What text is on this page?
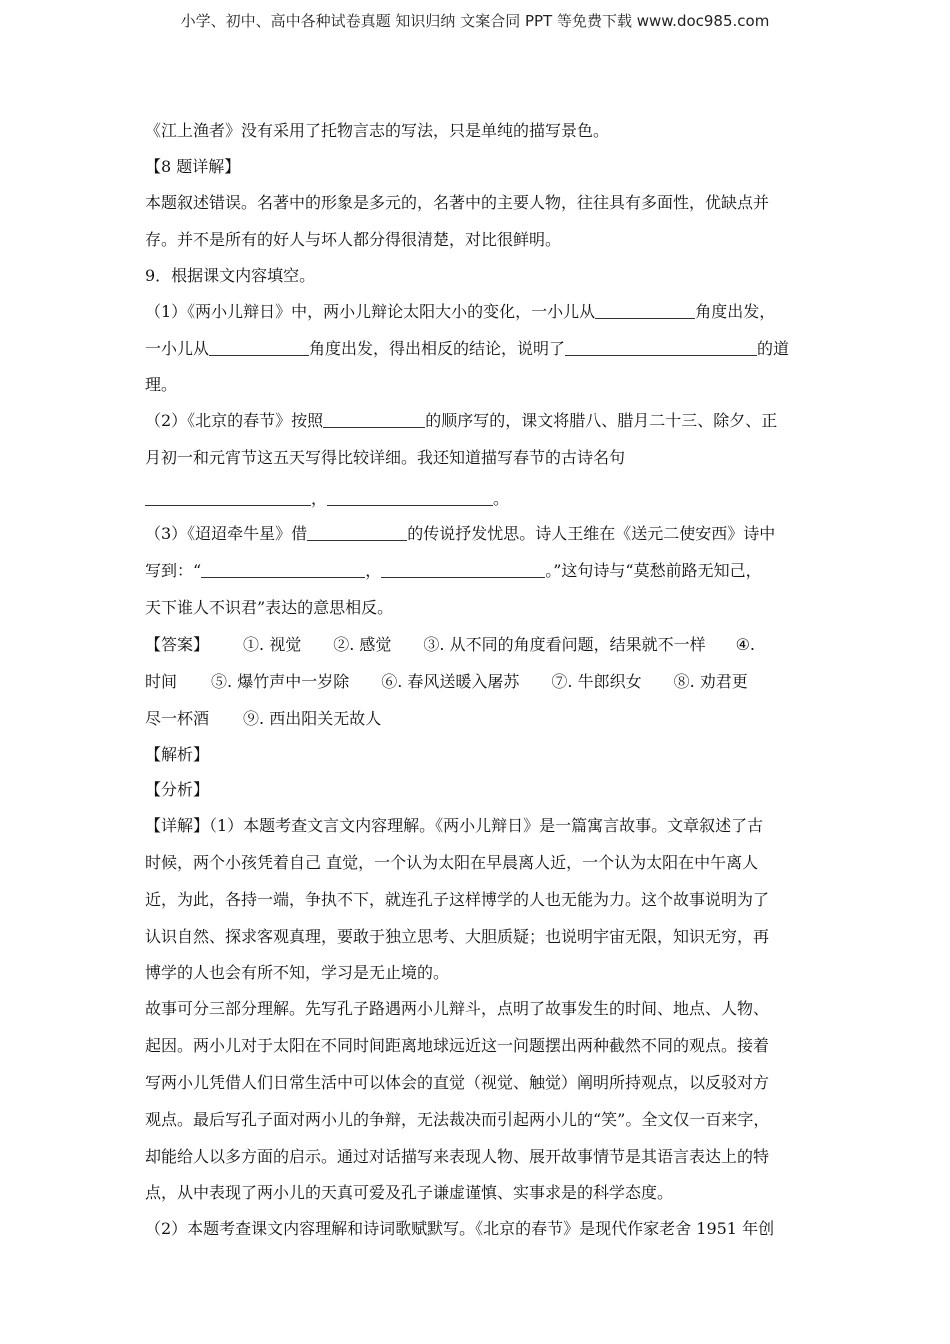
小学、初中、高中各种试卷真题 知识归纳 文案合同 PPT 等免费下载 www.doc985.com
《江上渔者》没有采用了托物言志的写法，只是单纯的描写景色。
【8 题详解】
本题叙述错误。名著中的形象是多元的，名著中的主要人物，往往具有多面性，优缺点并
存。并不是所有的好人与坏人都分得很清楚，对比很鲜明。
9．根据课文内容填空。
（1）《两小儿辩日》中，两小儿辩论太阳大小的变化，一小儿从	角度出发，
一小儿从	角度出发，得出相反的结论，说明了	的道
理。
（2）《北京的春节》按照	的顺序写的，课文将腊八、腊月二十三、除夕、正
月初一和元宵节这五天写得比较详细。我还知道描写春节的古诗名句
，	。
（3）《迢迢牵牛星》借	的传说抒发忧思。诗人王维在《送元二使安西》诗中
写到：“	，	。”这句诗与“莫愁前路无知己，
天下谁人不识君”表达的意思相反。
【答案】 ①. 视觉 ②. 感觉 ③. 从不同的角度看问题，结果就不一样 ④.
时间 ⑤. 爆竹声中一岁除 ⑥. 春风送暖入屠苏 ⑦. 牛郎织女 ⑧. 劝君更
尽一杯酒 ⑨. 西出阳关无故人
【解析】
【分析】
【详解】（1）本题考查文言文内容理解。《两小儿辩日》是一篇寓言故事。文章叙述了古
时候，两个小孩凭着自己 直觉，一个认为太阳在早晨离人近，一个认为太阳在中午离人
近，为此，各持一端，争执不下，就连孔子这样博学的人也无能为力。这个故事说明为了
认识自然、探求客观真理，要敢于独立思考、大胆质疑；也说明宇宙无限，知识无穷，再
博学的人也会有所不知，学习是无止境的。
故事可分三部分理解。先写孔子路遇两小儿辩斗，点明了故事发生的时间、地点、人物、
起因。两小儿对于太阳在不同时间距离地球远近这一问题摆出两种截然不同的观点。接着
写两小儿凭借人们日常生活中可以体会的直觉（视觉、触觉）阐明所持观点，以反驳对方
观点。最后写孔子面对两小儿的争辩，无法裁决而引起两小儿的“笑”。全文仅一百来字，
却能给人以多方面的启示。通过对话描写来表现人物、展开故事情节是其语言表达上的特
点，从中表现了两小儿的天真可爱及孔子谦虚谨慎、实事求是的科学态度。
（2）本题考查课文内容理解和诗词歌赋默写。《北京的春节》是现代作家老舍 1951 年创
